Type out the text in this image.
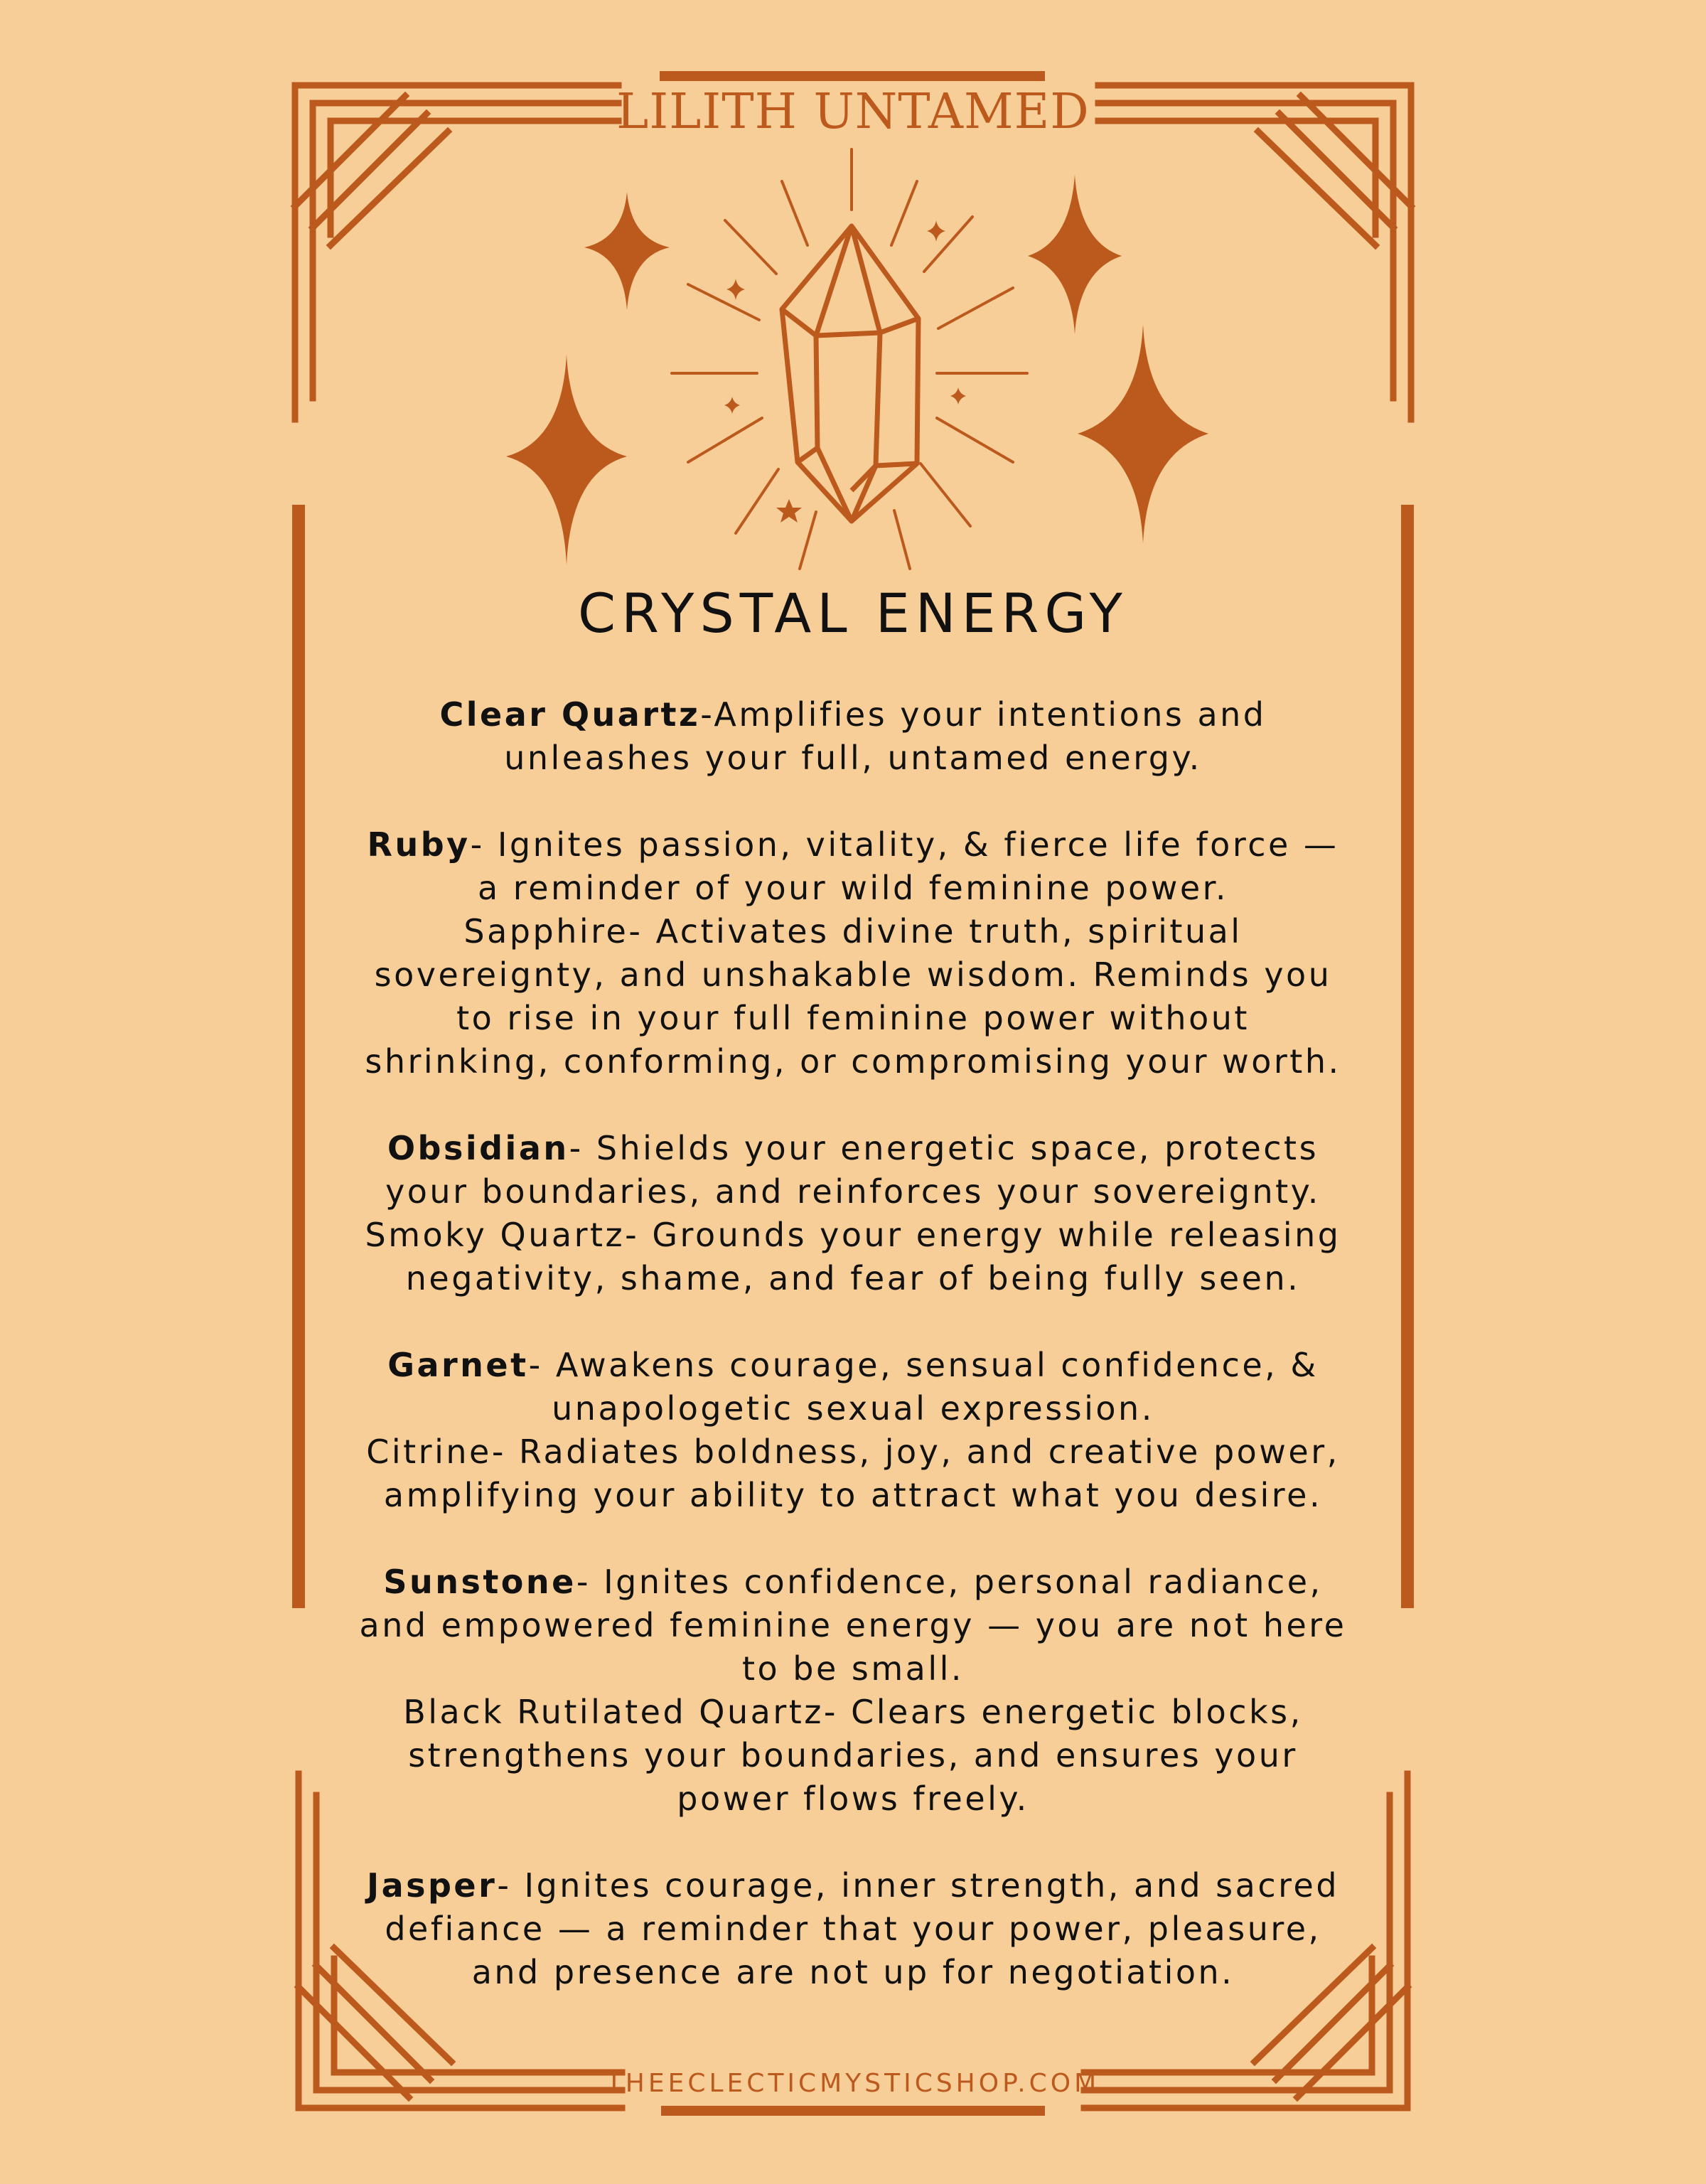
LILITH UNTAMED
CRYSTAL ENERGY
Clear Quartz-Amplifies your intentions and
unleashes your full, untamed energy.
Ruby- Ignites passion, vitality, & fierce life force —
a reminder of your wild feminine power.
Sapphire- Activates divine truth, spiritual
sovereignty, and unshakable wisdom. Reminds you
to rise in your full feminine power without
shrinking, conforming, or compromising your worth.
Obsidian- Shields your energetic space, protects
your boundaries, and reinforces your sovereignty.
Smoky Quartz- Grounds your energy while releasing
negativity, shame, and fear of being fully seen.
Garnet- Awakens courage, sensual confidence, &
unapologetic sexual expression.
Citrine- Radiates boldness, joy, and creative power,
amplifying your ability to attract what you desire.
Sunstone- Ignites confidence, personal radiance,
and empowered feminine energy — you are not here
to be small.
Black Rutilated Quartz- Clears energetic blocks,
strengthens your boundaries, and ensures your
power flows freely.
Jasper- Ignites courage, inner strength, and sacred
defiance — a reminder that your power, pleasure,
and presence are not up for negotiation.
THEECLECTICMYSTICSHOP.COM
